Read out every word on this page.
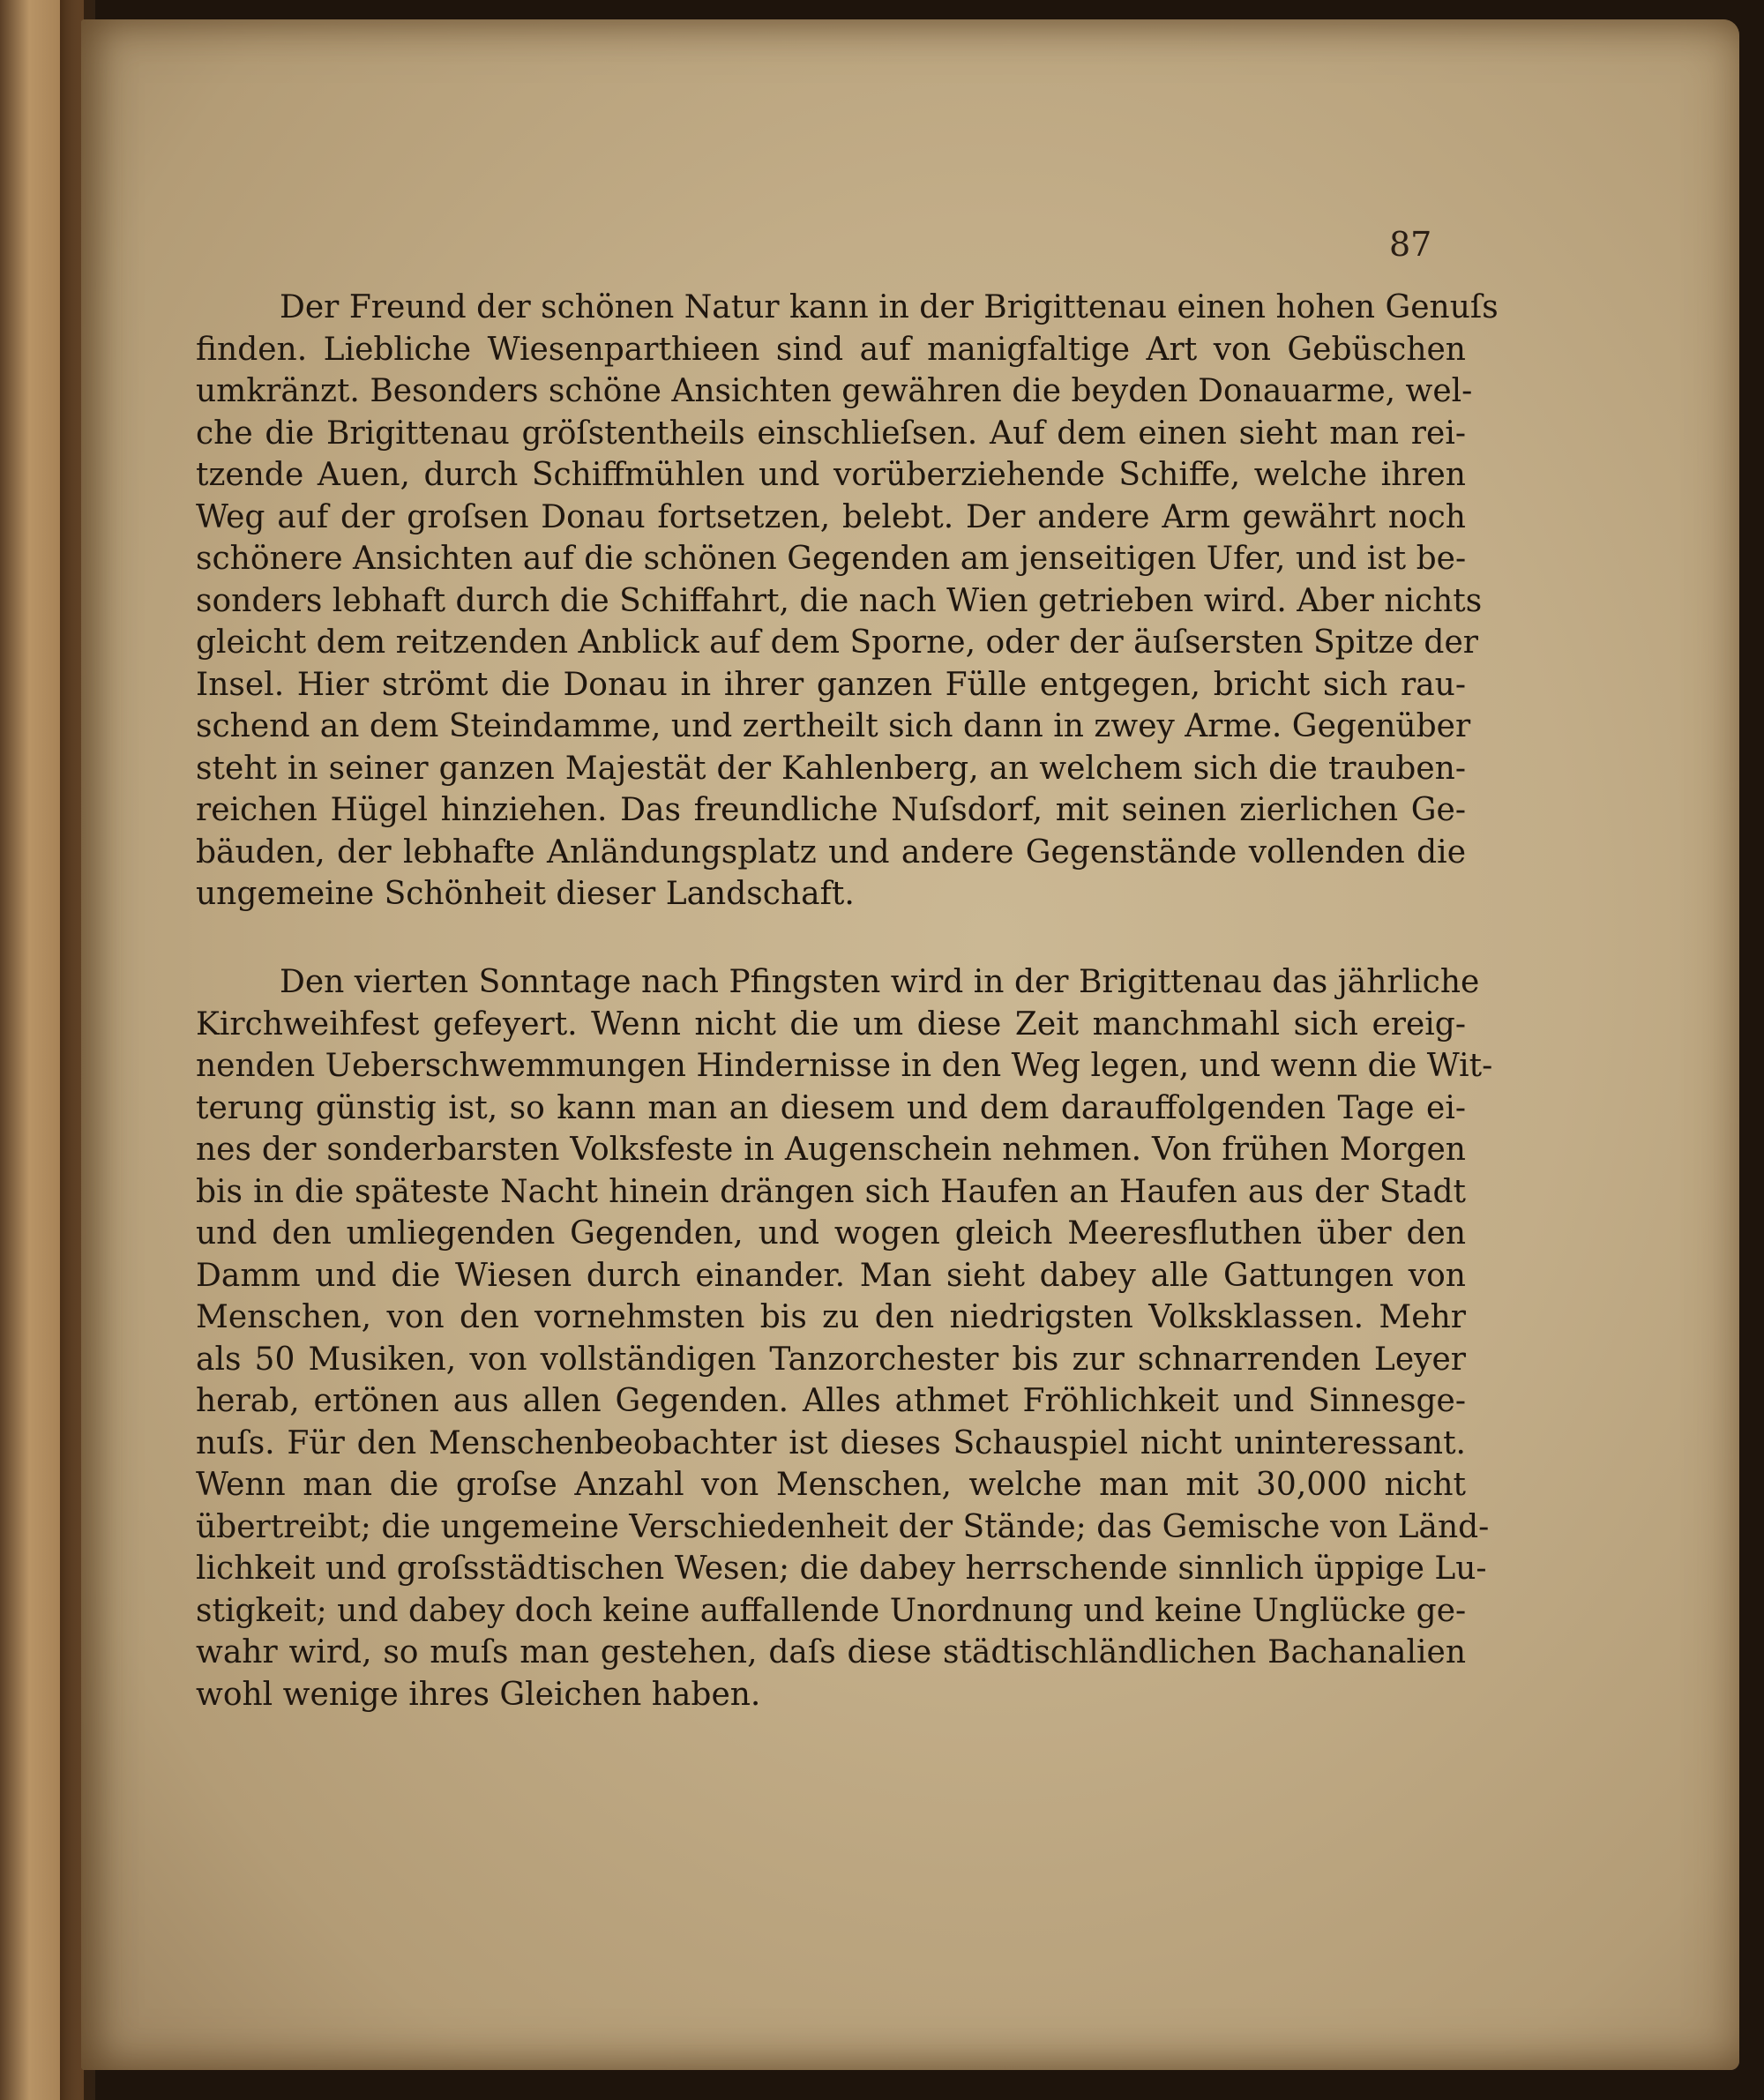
87
Der Freund der schönen Natur kann in der Brigittenau einen hohen Genuſs
finden. Liebliche Wiesenparthieen sind auf manigfaltige Art von Gebüschen
umkränzt. Besonders schöne Ansichten gewähren die beyden Donauarme, wel-
che die Brigittenau gröſstentheils einschlieſsen. Auf dem einen sieht man rei-
tzende Auen, durch Schiffmühlen und vorüberziehende Schiffe, welche ihren
Weg auf der groſsen Donau fortsetzen, belebt. Der andere Arm gewährt noch
schönere Ansichten auf die schönen Gegenden am jenseitigen Ufer, und ist be-
sonders lebhaft durch die Schiffahrt, die nach Wien getrieben wird. Aber nichts
gleicht dem reitzenden Anblick auf dem Sporne, oder der äuſsersten Spitze der
Insel. Hier strömt die Donau in ihrer ganzen Fülle entgegen, bricht sich rau-
schend an dem Steindamme, und zertheilt sich dann in zwey Arme. Gegenüber
steht in seiner ganzen Majestät der Kahlenberg, an welchem sich die trauben-
reichen Hügel hinziehen. Das freundliche Nuſsdorf, mit seinen zierlichen Ge-
bäuden, der lebhafte Anländungsplatz und andere Gegenstände vollenden die
ungemeine Schönheit dieser Landschaft.
Den vierten Sonntage nach Pfingsten wird in der Brigittenau das jährliche
Kirchweihfest gefeyert. Wenn nicht die um diese Zeit manchmahl sich ereig-
nenden Ueberschwemmungen Hindernisse in den Weg legen, und wenn die Wit-
terung günstig ist, so kann man an diesem und dem darauffolgenden Tage ei-
nes der sonderbarsten Volksfeste in Augenschein nehmen. Von frühen Morgen
bis in die späteste Nacht hinein drängen sich Haufen an Haufen aus der Stadt
und den umliegenden Gegenden, und wogen gleich Meeresfluthen über den
Damm und die Wiesen durch einander. Man sieht dabey alle Gattungen von
Menschen, von den vornehmsten bis zu den niedrigsten Volksklassen. Mehr
als 50 Musiken, von vollständigen Tanzorchester bis zur schnarrenden Leyer
herab, ertönen aus allen Gegenden. Alles athmet Fröhlichkeit und Sinnesge-
nuſs. Für den Menschenbeobachter ist dieses Schauspiel nicht uninteressant.
Wenn man die groſse Anzahl von Menschen, welche man mit 30,000 nicht
übertreibt; die ungemeine Verschiedenheit der Stände; das Gemische von Länd-
lichkeit und groſsstädtischen Wesen; die dabey herrschende sinnlich üppige Lu-
stigkeit; und dabey doch keine auffallende Unordnung und keine Unglücke ge-
wahr wird, so muſs man gestehen, daſs diese städtischländlichen Bachanalien
wohl wenige ihres Gleichen haben.
